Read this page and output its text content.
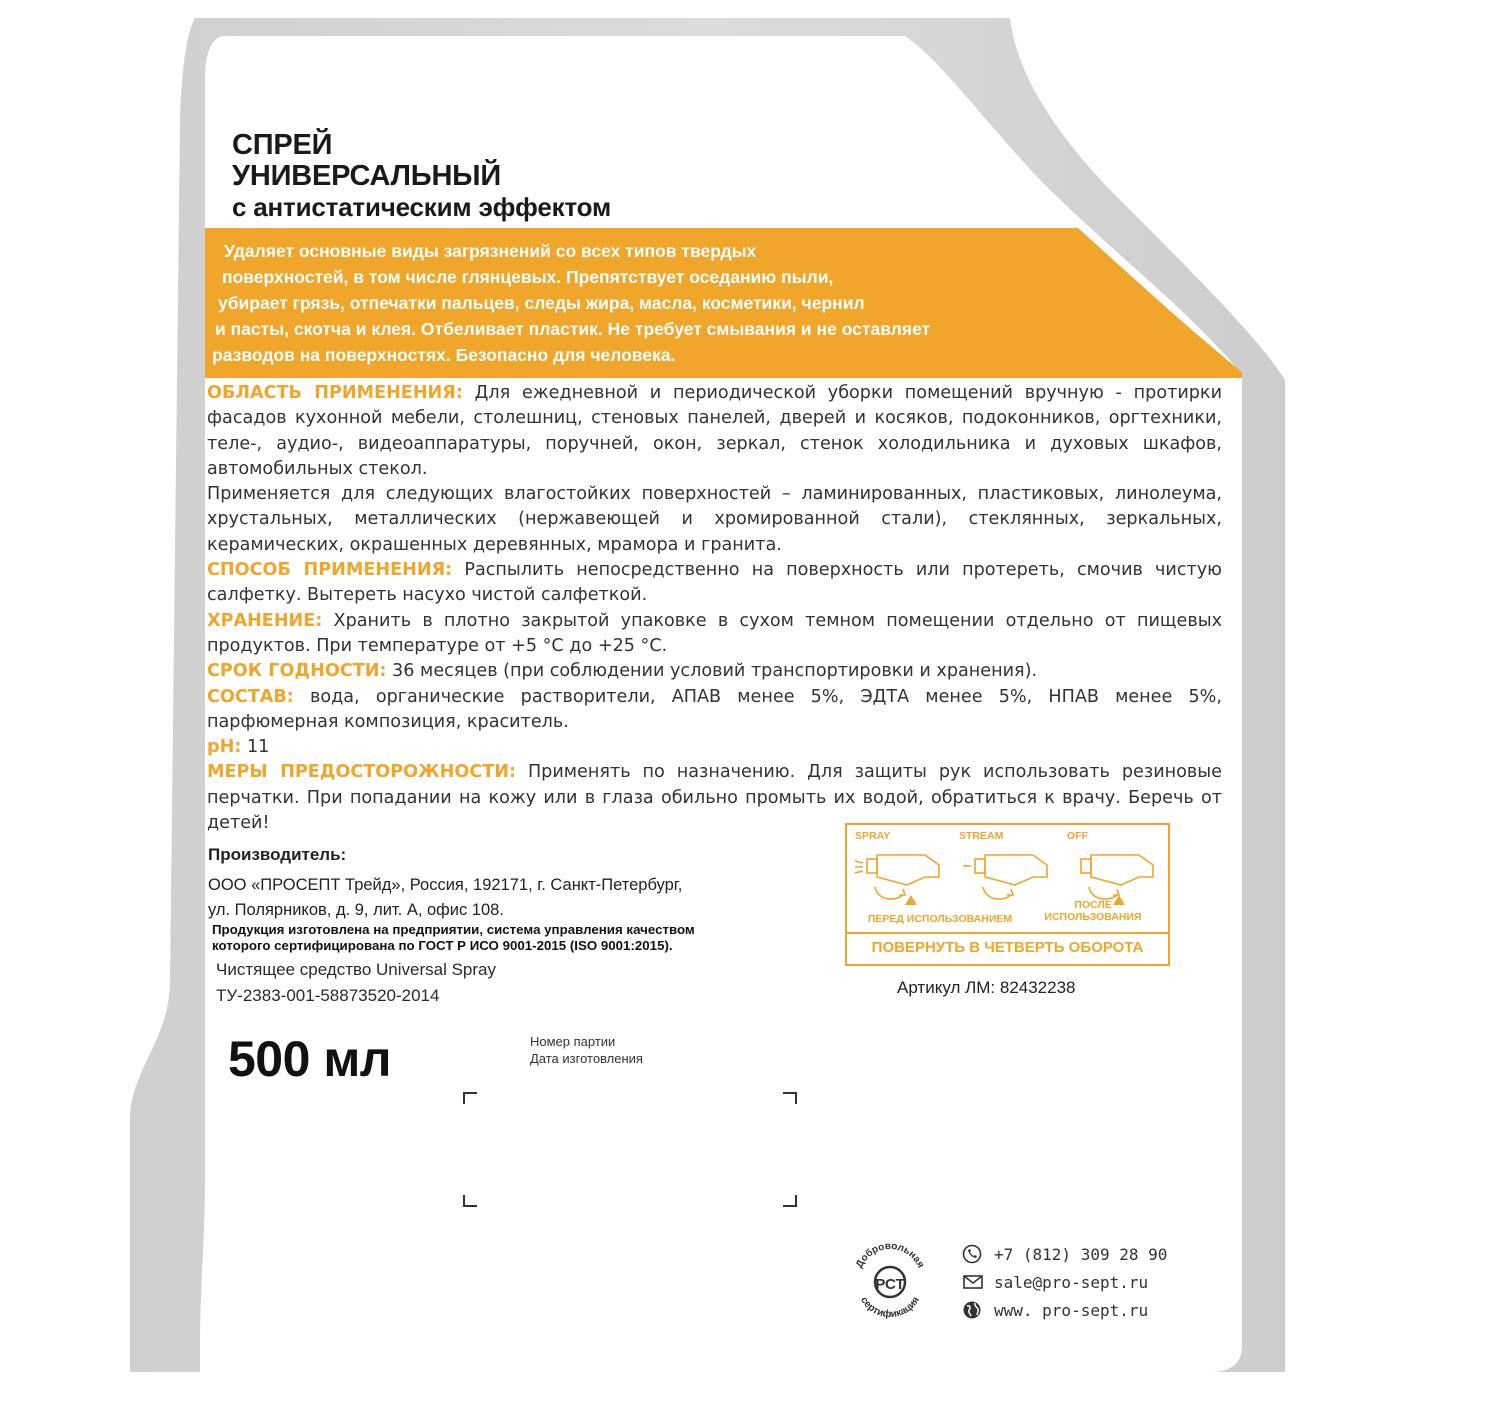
СПРЕЙ
УНИВЕРСАЛЬНЫЙ
с антистатическим эффектом
Удаляет основные виды загрязнений со всех типов твердых
поверхностей, в том числе глянцевых. Препятствует оседанию пыли,
убирает грязь, отпечатки пальцев, следы жира, масла, косметики, чернил
и пасты, скотча и клея. Отбеливает пластик. Не требует смывания и не оставляет
разводов на поверхностях. Безопасно для человека.

ОБЛАСТЬ ПРИМЕНЕНИЯ: Для ежедневной и периодической уборки помещений вручную - протирки фасадов кухонной мебели, столешниц, стеновых панелей, дверей и косяков, подоконников, оргтехники, теле-, аудио-, видеоаппаратуры, поручней, окон, зеркал, стенок холодильника и духовых шкафов, автомобильных стекол.

Применяется для следующих влагостойких поверхностей – ламинированных, пластиковых, линолеума, хрустальных, металлических (нержавеющей и хромированной стали), стеклянных, зеркальных, керамических, окрашенных деревянных, мрамора и гранита.

СПОСОБ ПРИМЕНЕНИЯ: Распылить непосредственно на поверхность или протереть, смочив чистую салфетку. Вытереть насухо чистой салфеткой.

ХРАНЕНИЕ: Хранить в плотно закрытой упаковке в сухом темном помещении отдельно от пищевых продуктов. При температуре от +5 °С до +25 °С.

СРОК ГОДНОСТИ: 36 месяцев (при соблюдении условий транспортировки и хранения).

СОСТАВ: вода, органические растворители, АПАВ менее 5%, ЭДТА менее 5%, НПАВ менее 5%, парфюмерная композиция, краситель.

pH: 11

МЕРЫ ПРЕДОСТОРОЖНОСТИ: Применять по назначению. Для защиты рук использовать резиновые перчатки. При попадании на кожу или в глаза обильно промыть их водой, обратиться к врачу. Беречь от детей!

Производитель:
ООО «ПРОСЕПТ Трейд», Россия, 192171, г. Санкт-Петербург,
ул. Полярников, д. 9, лит. А, офис 108.
Продукция изготовлена на предприятии, система управления качеством
которого сертифицирована по ГОСТ Р ИСО 9001-2015 (ISO 9001:2015).
Чистящее средство Universal Spray
ТУ-2383-001-58873520-2014
500 мл	Номер партии
Дата изготовления
SPRAY	STREAM	OFF
ПЕРЕД ИСПОЛЬЗОВАНИЕМ
ПОСЛЕ
ИСПОЛЬЗОВАНИЯ
ПОВЕРНУТЬ В ЧЕТВЕРТЬ ОБОРОТА
Артикул ЛМ: 82432238
Добровольная
сертификация
РСТ
+7 (812) 309 28 90
sale@pro-sept.ru
www. pro-sept.ru
